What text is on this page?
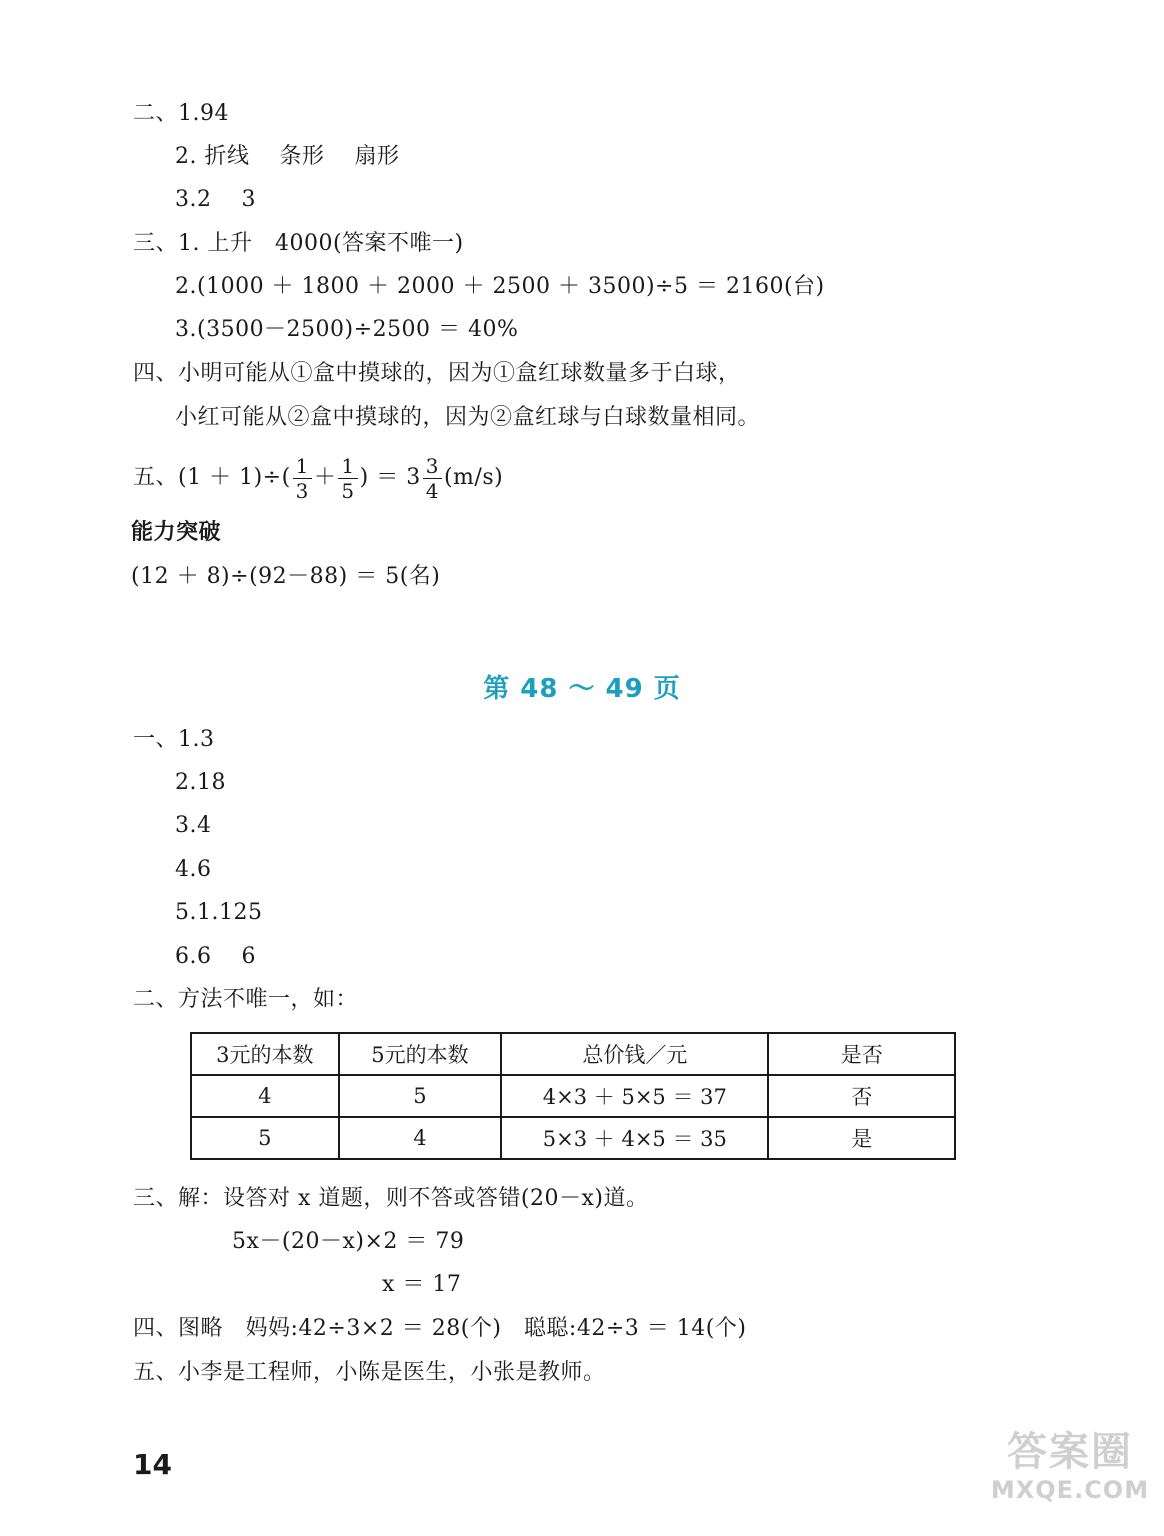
二、1.94
2. 折线　 条形　 扇形
3.2　 3
三、1. 上升　4000(答案不唯一)
2.(1000 ＋ 1800 ＋ 2000 ＋ 2500 ＋ 3500)÷5 ＝ 2160(台)
3.(3500－2500)÷2500 ＝ 40%
四、小明可能从①盒中摸球的，因为①盒红球数量多于白球，
小红可能从②盒中摸球的，因为②盒红球与白球数量相同。
五、$(1 + 1)\div( \frac{1}{3} + \frac{1}{5}$ ) ＝ $3 \frac{3}{4} (m/s)$
能力突破
(12 ＋ 8)÷(92－88) ＝ 5(名)
第 48 ～ 49 页
一、1.3
2.18
3.4
4.6
5.1.125
6.6　 6
二、方法不唯一，如：
3元的本数	5元的本数	总价钱／元	是否
4	5	4×3 ＋ 5×5 ＝ 37	否
5	4	5×3 ＋ 4×5 ＝ 35	是
三、解：设答对 x 道题，则不答或答错(20－x)道。
5x－(20－x)×2 ＝ 79
x ＝ 17
四、图略　妈妈:42÷3×2 ＝ 28(个)　聪聪:42÷3 ＝ 14(个)
五、小李是工程师，小陈是医生，小张是教师。
14	答案圈
MXQE.COM
